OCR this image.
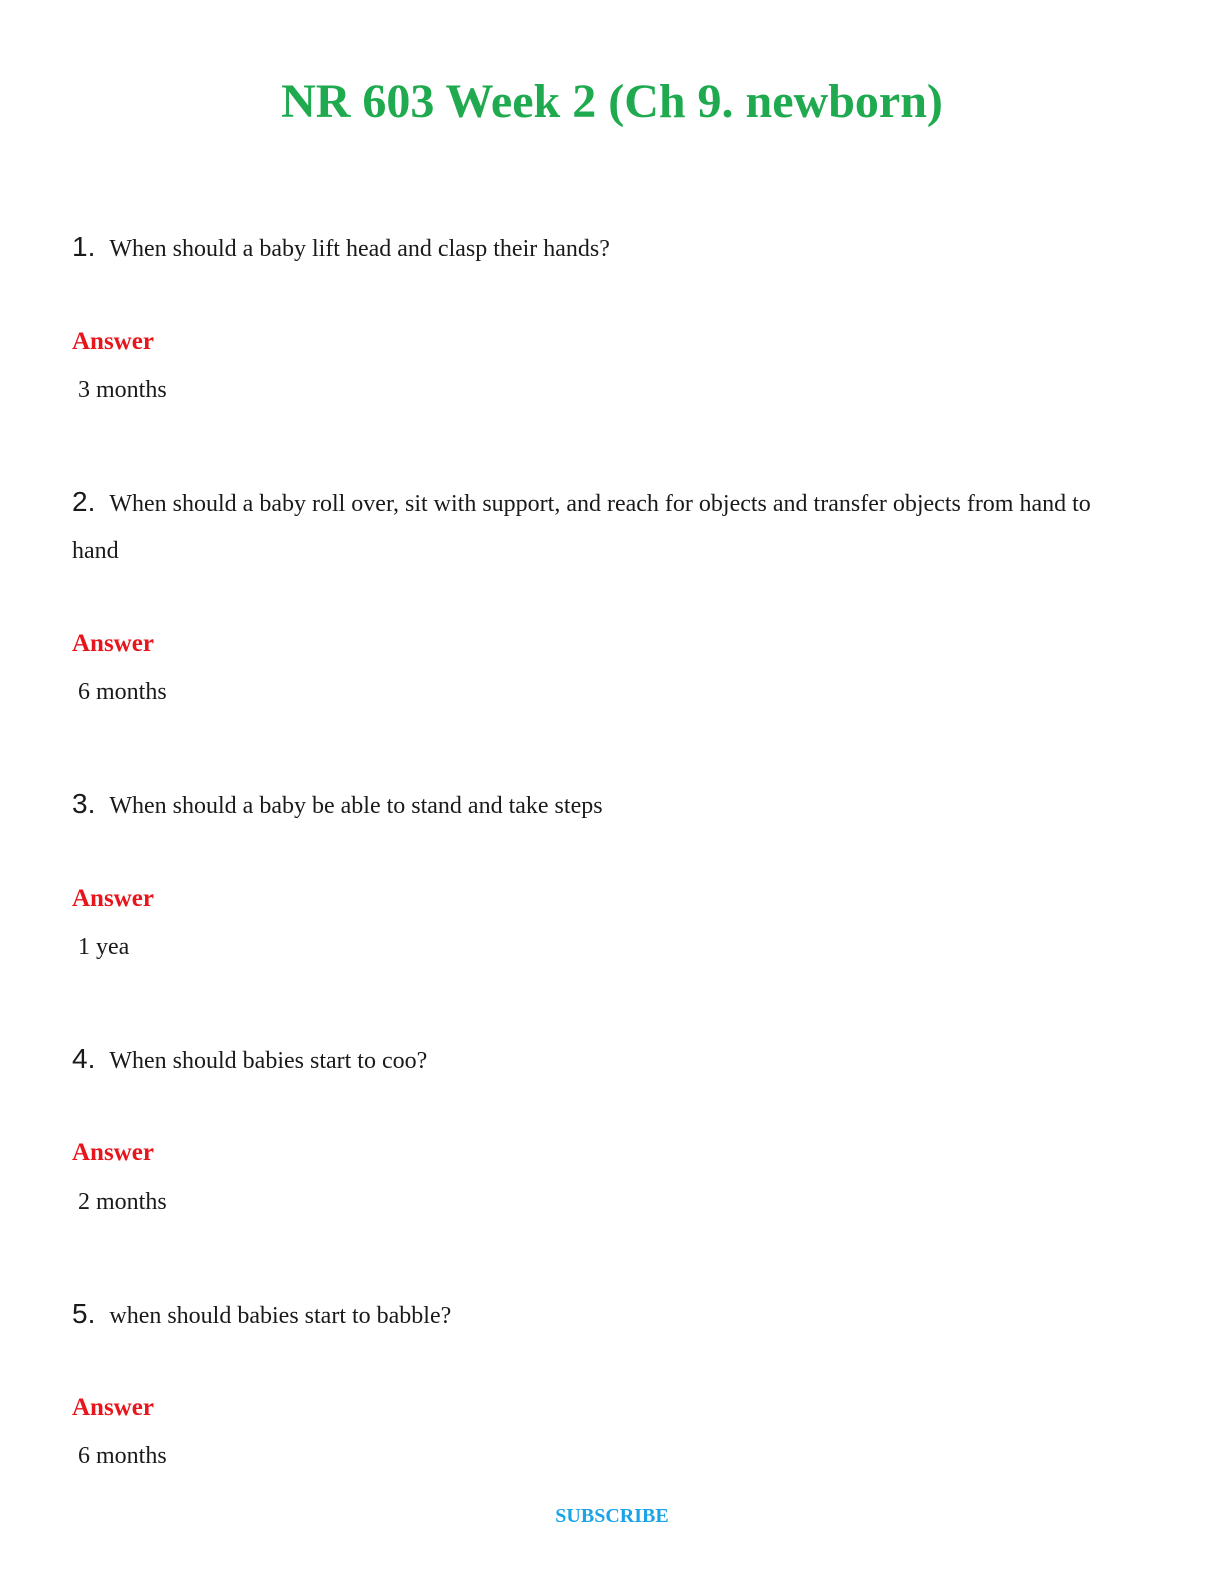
NR 603 Week 2 (Ch 9. newborn)

1. When should a baby lift head and clasp their hands?

Answer

3 months

2. When should a baby roll over, sit with support, and reach for objects and transfer objects from hand to hand

Answer

6 months

3. When should a baby be able to stand and take steps

Answer

1 yea

4. When should babies start to coo?

Answer

2 months

5. when should babies start to babble?

Answer

6 months

SUBSCRIBE
